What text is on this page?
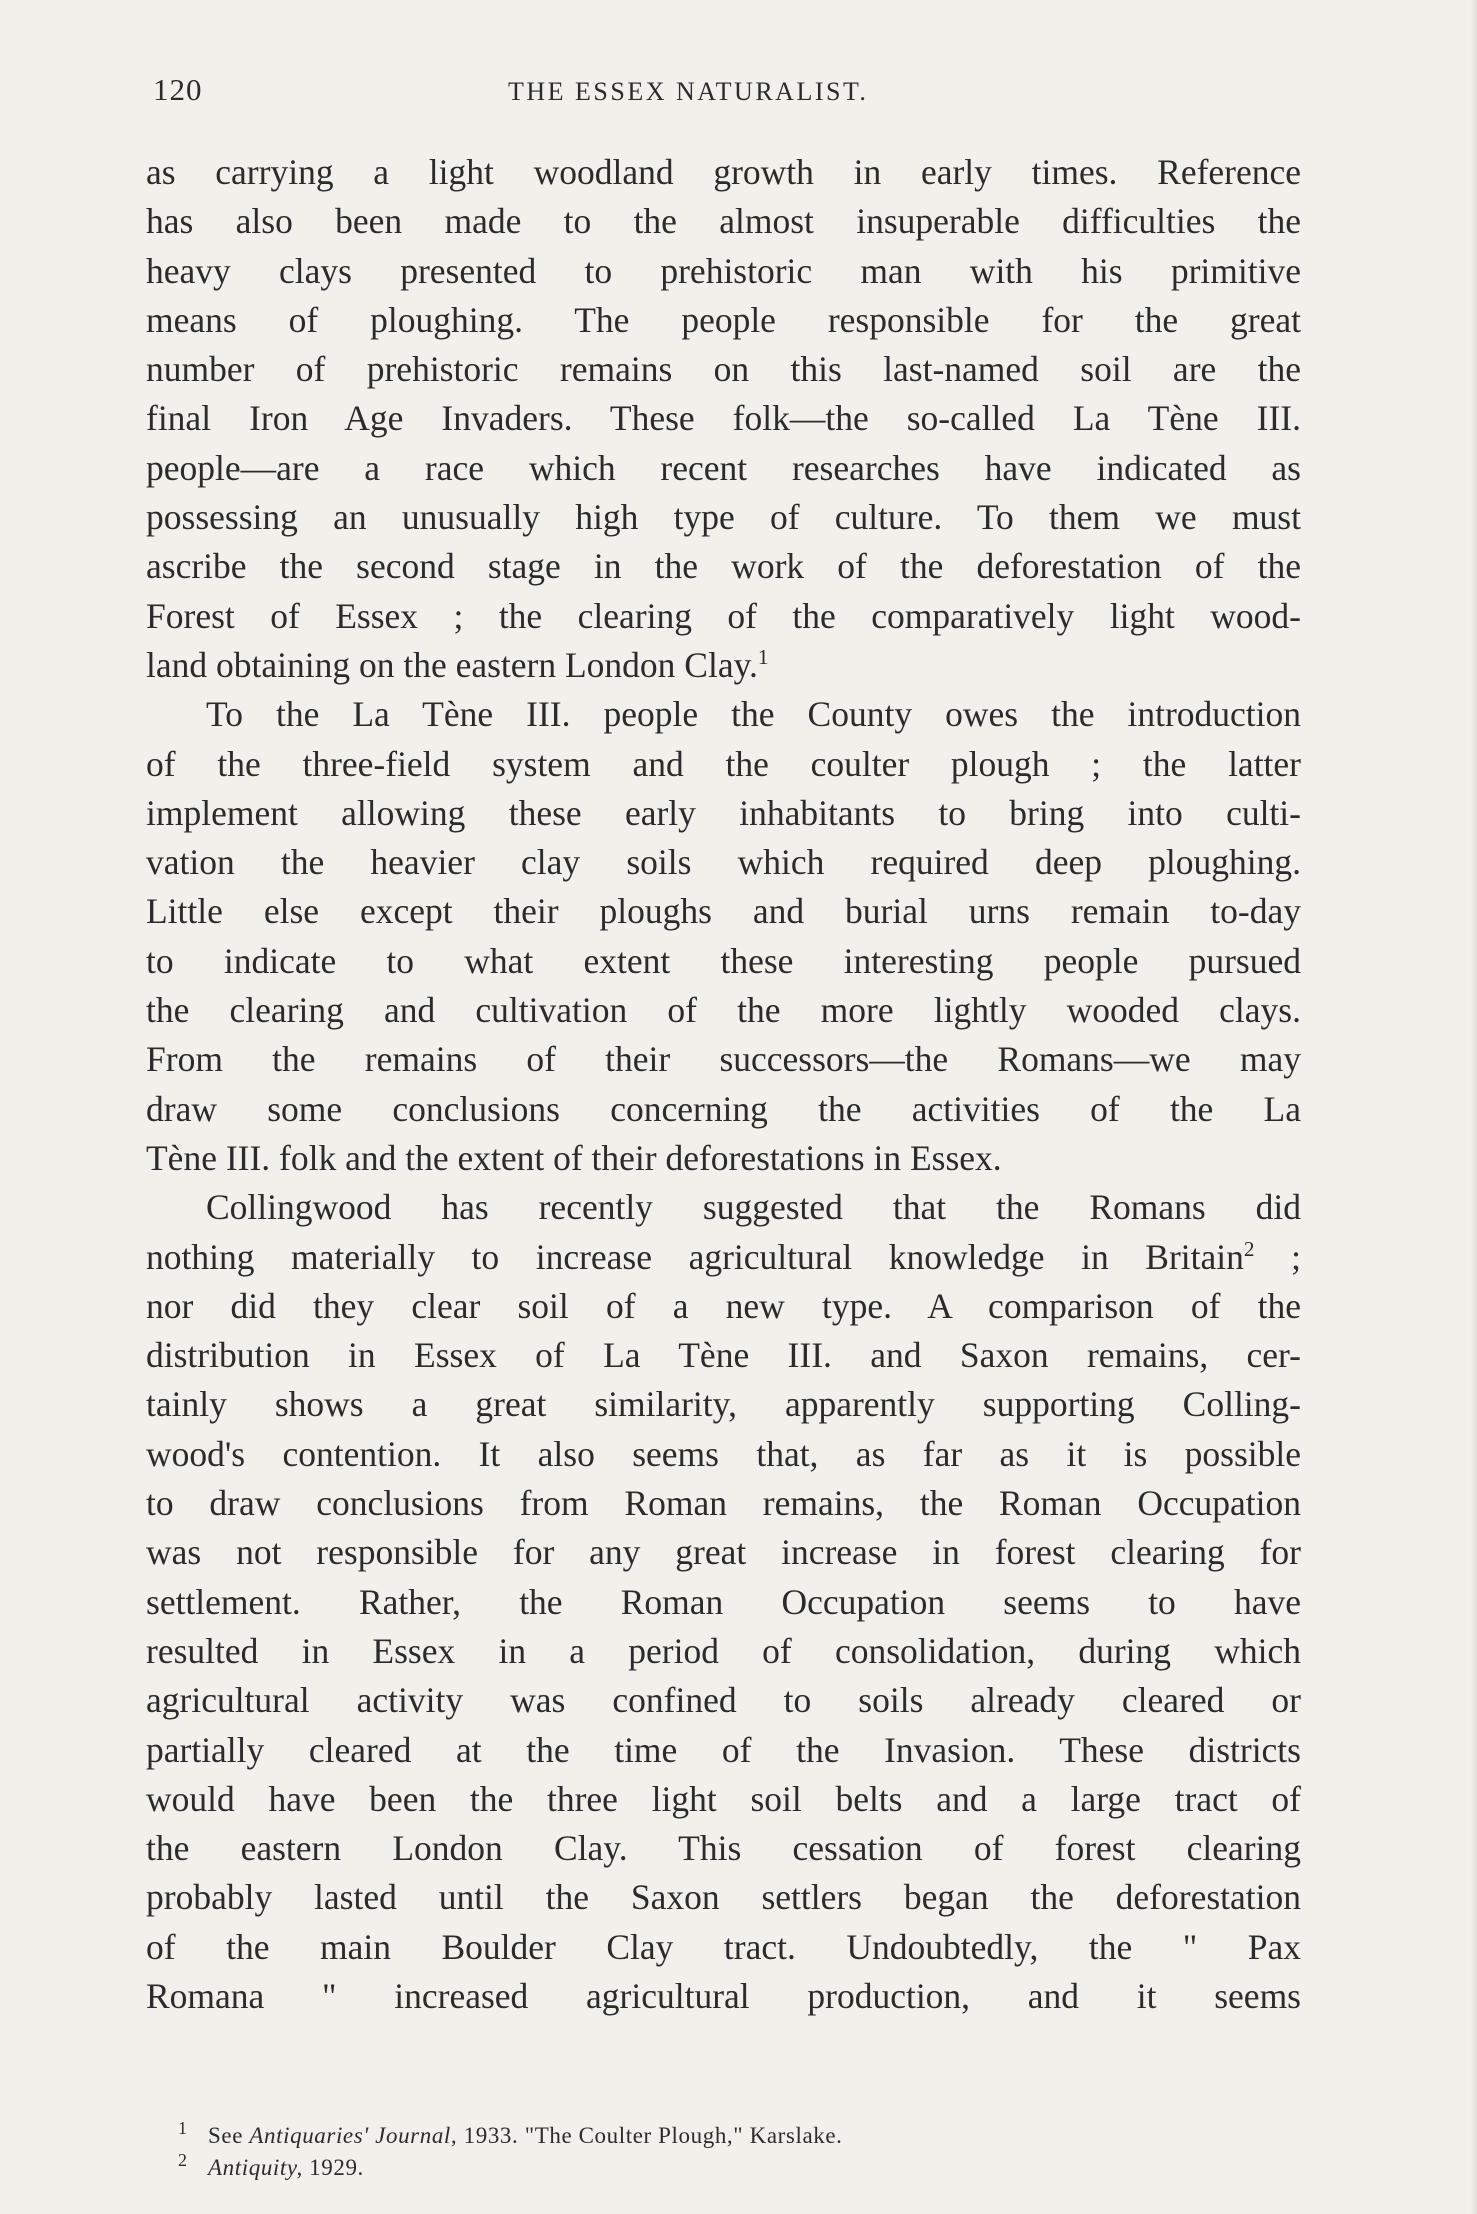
120	THE ESSEX NATURALIST.
as carrying a light woodland growth in early times. Reference
has also been made to the almost insuperable difficulties the
heavy clays presented to prehistoric man with his primitive
means of ploughing. The people responsible for the great
number of prehistoric remains on this last-named soil are the
final Iron Age Invaders. These folk—the so-called La Tène III.
people—are a race which recent researches have indicated as
possessing an unusually high type of culture. To them we must
ascribe the second stage in the work of the deforestation of the
Forest of Essex ; the clearing of the comparatively light wood-
land obtaining on the eastern London Clay.$^1$
To the La Tène III. people the County owes the introduction
of the three-field system and the coulter plough ; the latter
implement allowing these early inhabitants to bring into culti-
vation the heavier clay soils which required deep ploughing.
Little else except their ploughs and burial urns remain to-day
to indicate to what extent these interesting people pursued
the clearing and cultivation of the more lightly wooded clays.
From the remains of their successors—the Romans—we may
draw some conclusions concerning the activities of the La
Tène III. folk and the extent of their deforestations in Essex.
Collingwood has recently suggested that the Romans did
nothing materially to increase agricultural knowledge in Britain$^2$ ;
nor did they clear soil of a new type. A comparison of the
distribution in Essex of La Tène III. and Saxon remains, cer-
tainly shows a great similarity, apparently supporting Colling-
wood's contention. It also seems that, as far as it is possible
to draw conclusions from Roman remains, the Roman Occupation
was not responsible for any great increase in forest clearing for
settlement. Rather, the Roman Occupation seems to have
resulted in Essex in a period of consolidation, during which
agricultural activity was confined to soils already cleared or
partially cleared at the time of the Invasion. These districts
would have been the three light soil belts and a large tract of
the eastern London Clay. This cessation of forest clearing
probably lasted until the Saxon settlers began the deforestation
of the main Boulder Clay tract. Undoubtedly, the " Pax
Romana " increased agricultural production, and it seems
1 See Antiquaries' Journal, 1933. "The Coulter Plough," Karslake.
2 Antiquity, 1929.
